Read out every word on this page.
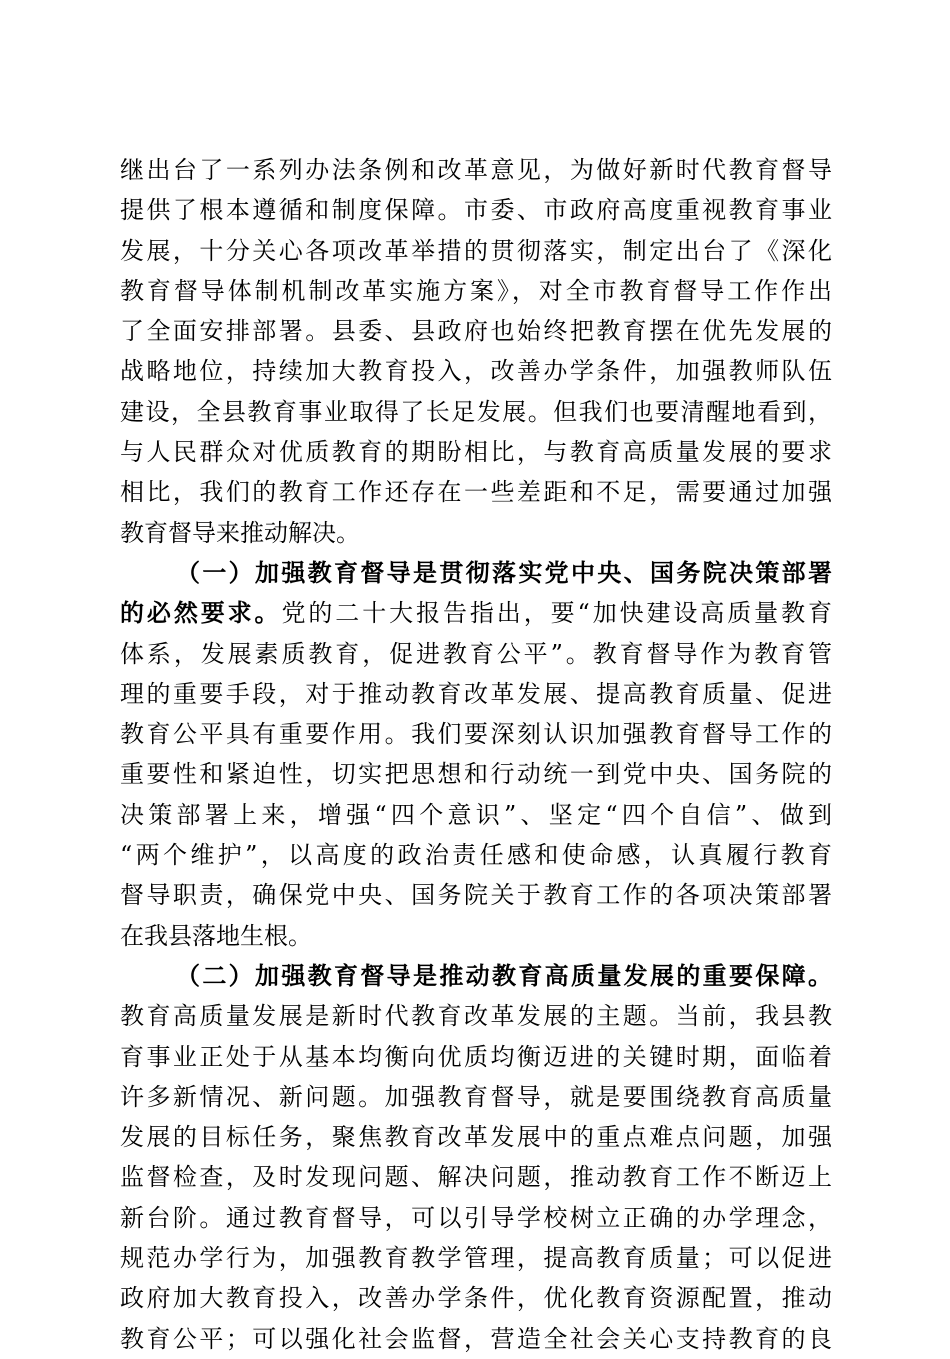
继出台了一系列办法条例和改革意见，为做好新时代教育督导
提供了根本遵循和制度保障。市委、市政府高度重视教育事业
发展，十分关心各项改革举措的贯彻落实，制定出台了《深化
教育督导体制机制改革实施方案》，对全市教育督导工作作出
了全面安排部署。县委、县政府也始终把教育摆在优先发展的
战略地位，持续加大教育投入，改善办学条件，加强教师队伍
建设，全县教育事业取得了长足发展。但我们也要清醒地看到，
与人民群众对优质教育的期盼相比，与教育高质量发展的要求
相比，我们的教育工作还存在一些差距和不足，需要通过加强
教育督导来推动解决。
（一）加强教育督导是贯彻落实党中央、国务院决策部署
的必然要求。党的二十大报告指出，要“加快建设高质量教育
体系，发展素质教育，促进教育公平”。教育督导作为教育管
理的重要手段，对于推动教育改革发展、提高教育质量、促进
教育公平具有重要作用。我们要深刻认识加强教育督导工作的
重要性和紧迫性，切实把思想和行动统一到党中央、国务院的
决策部署上来，增强“四个意识”、坚定“四个自信”、做到
“两个维护”，以高度的政治责任感和使命感，认真履行教育
督导职责，确保党中央、国务院关于教育工作的各项决策部署
在我县落地生根。
（二）加强教育督导是推动教育高质量发展的重要保障。
教育高质量发展是新时代教育改革发展的主题。当前，我县教
育事业正处于从基本均衡向优质均衡迈进的关键时期，面临着
许多新情况、新问题。加强教育督导，就是要围绕教育高质量
发展的目标任务，聚焦教育改革发展中的重点难点问题，加强
监督检查，及时发现问题、解决问题，推动教育工作不断迈上
新台阶。通过教育督导，可以引导学校树立正确的办学理念，
规范办学行为，加强教育教学管理，提高教育质量；可以促进
政府加大教育投入，改善办学条件，优化教育资源配置，推动
教育公平；可以强化社会监督，营造全社会关心支持教育的良
